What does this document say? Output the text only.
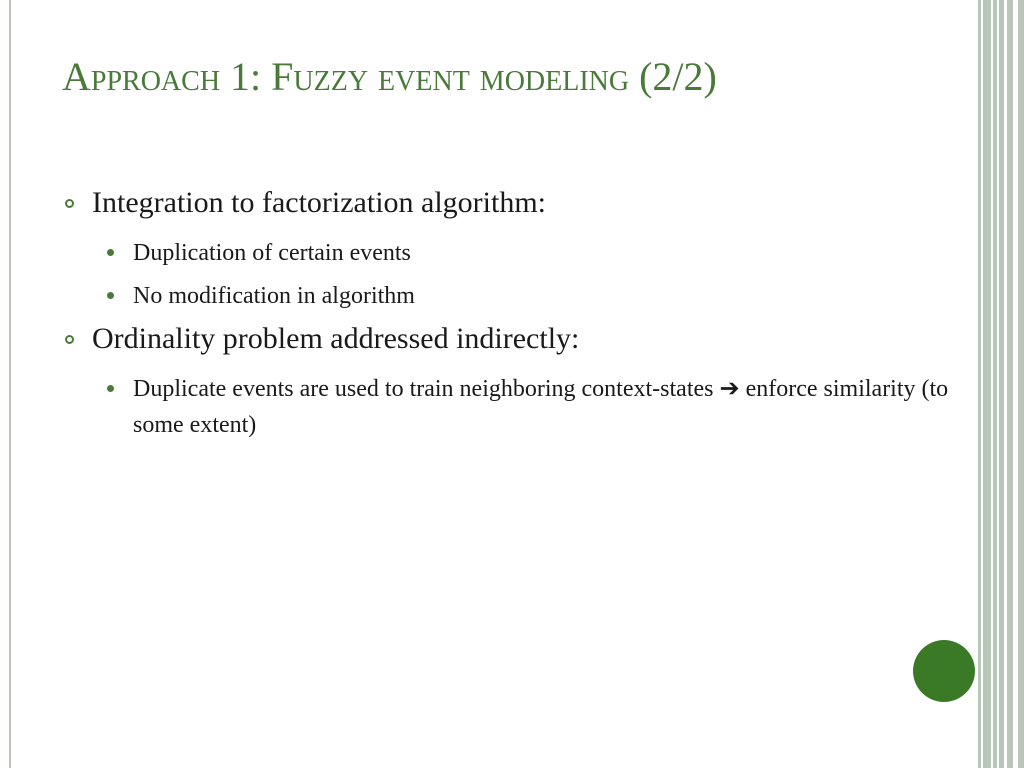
Approach 1: Fuzzy event modeling (2/2)
Integration to factorization algorithm:
Duplication of certain events
No modification in algorithm
Ordinality problem addressed indirectly:
Duplicate events are used to train neighboring context-states ➔ enforce similarity (to some extent)
